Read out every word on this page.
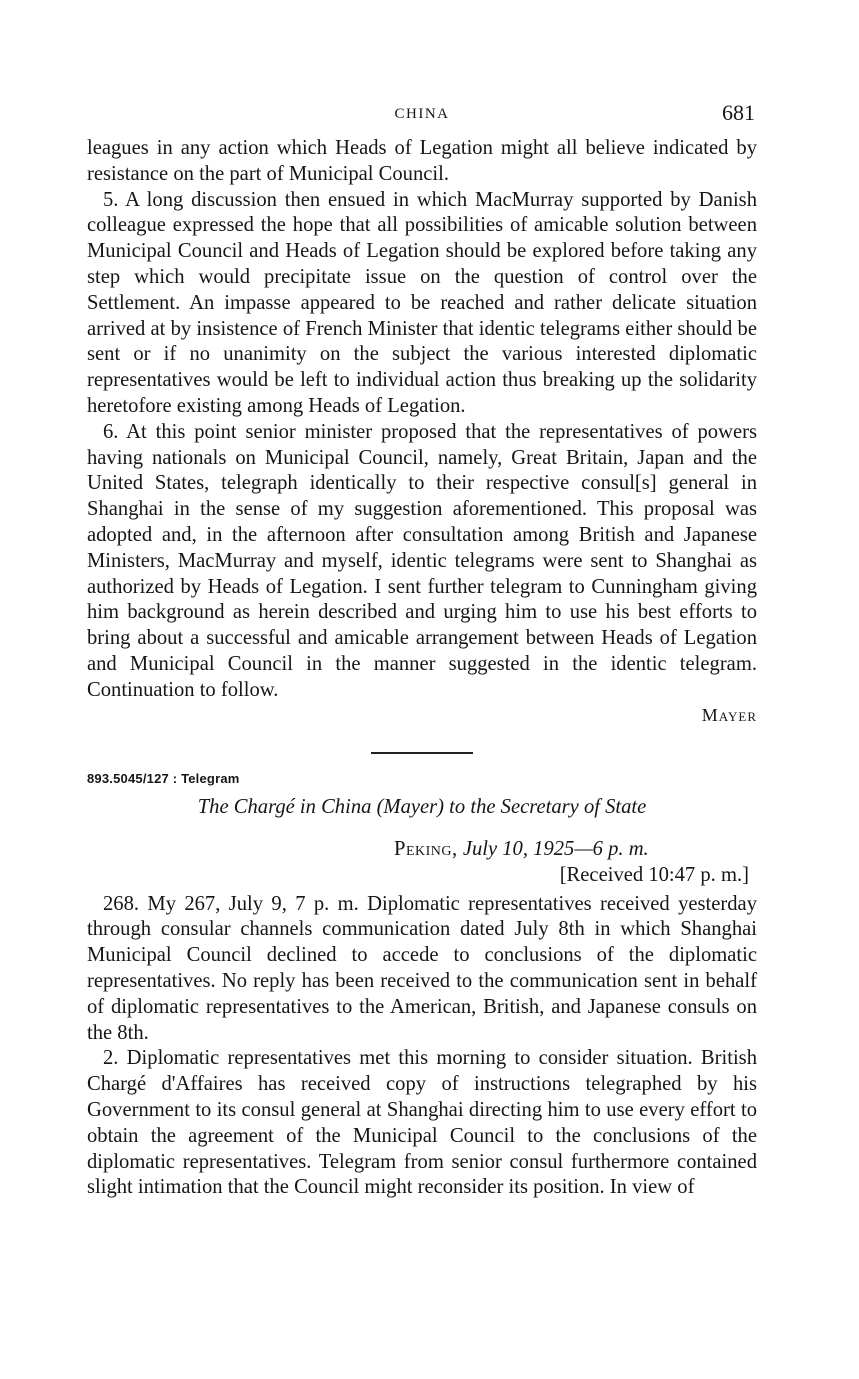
CHINA	681

leagues in any action which Heads of Legation might all believe indicated by resistance on the part of Municipal Council.

5. A long discussion then ensued in which MacMurray supported by Danish colleague expressed the hope that all possibilities of amicable solution between Municipal Council and Heads of Legation should be explored before taking any step which would precipitate issue on the question of control over the Settlement. An impasse appeared to be reached and rather delicate situation arrived at by insistence of French Minister that identic telegrams either should be sent or if no unanimity on the subject the various interested diplomatic representatives would be left to individual action thus breaking up the solidarity heretofore existing among Heads of Legation.

6. At this point senior minister proposed that the representatives of powers having nationals on Municipal Council, namely, Great Britain, Japan and the United States, telegraph identically to their respective consul[s] general in Shanghai in the sense of my suggestion aforementioned. This proposal was adopted and, in the afternoon after consultation among British and Japanese Ministers, MacMurray and myself, identic telegrams were sent to Shanghai as authorized by Heads of Legation. I sent further telegram to Cunningham giving him background as herein described and urging him to use his best efforts to bring about a successful and amicable arrangement between Heads of Legation and Municipal Council in the manner suggested in the identic telegram. Continuation to follow.

Mayer
893.5045/127 : Telegram
The Chargé in China (Mayer) to the Secretary of State
Peking, July 10, 1925—6 p. m.
[Received 10:47 p. m.]

268. My 267, July 9, 7 p. m. Diplomatic representatives received yesterday through consular channels communication dated July 8th in which Shanghai Municipal Council declined to accede to conclusions of the diplomatic representatives. No reply has been received to the communication sent in behalf of diplomatic representatives to the American, British, and Japanese consuls on the 8th.

2. Diplomatic representatives met this morning to consider situation. British Chargé d'Affaires has received copy of instructions telegraphed by his Government to its consul general at Shanghai directing him to use every effort to obtain the agreement of the Municipal Council to the conclusions of the diplomatic representatives. Telegram from senior consul furthermore contained slight intimation that the Council might reconsider its position. In view of
